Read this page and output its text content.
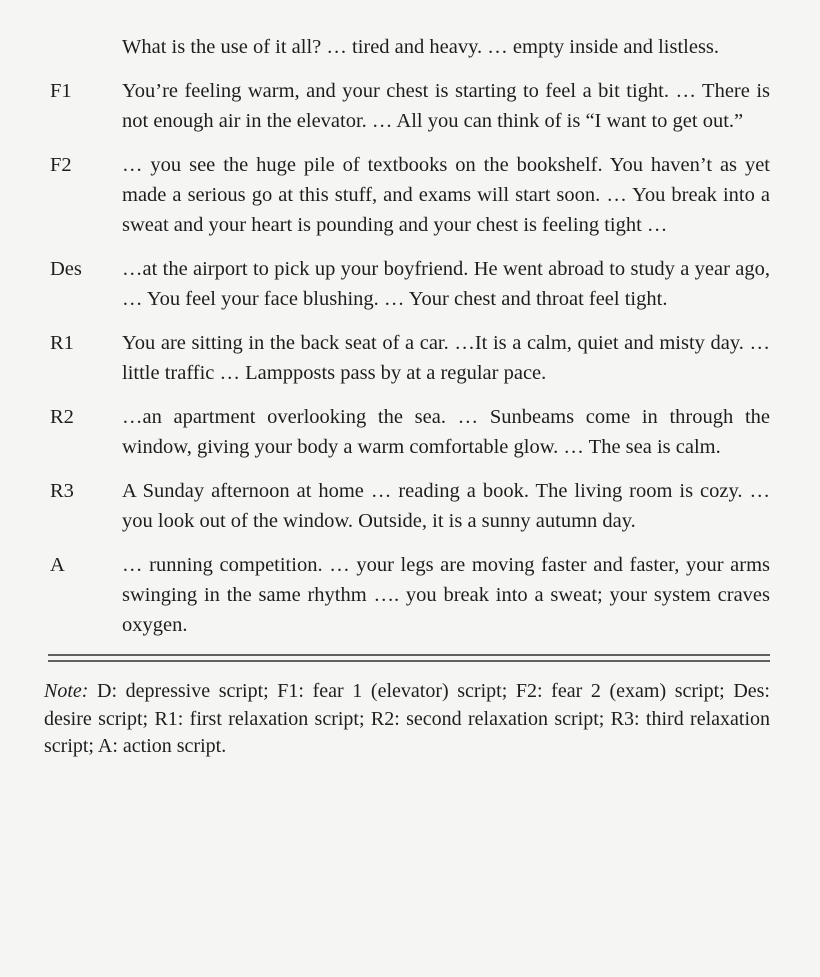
What is the use of it all? … tired and heavy. … empty inside and listless.
F1	You’re feeling warm, and your chest is starting to feel a bit tight. … There is not enough air in the elevator. … All you can think of is “I want to get out.”
F2	… you see the huge pile of textbooks on the bookshelf. You haven’t as yet made a serious go at this stuff, and exams will start soon. … You break into a sweat and your heart is pounding and your chest is feeling tight …
Des	…at the airport to pick up your boyfriend. He went abroad to study a year ago, … You feel your face blushing. … Your chest and throat feel tight.
R1	You are sitting in the back seat of a car. …It is a calm, quiet and misty day. …little traffic … Lampposts pass by at a regular pace.
R2	…an apartment overlooking the sea. … Sunbeams come in through the window, giving your body a warm comfortable glow. … The sea is calm.
R3	A Sunday afternoon at home … reading a book. The living room is cozy. … you look out of the window. Outside, it is a sunny autumn day.
A	… running competition. … your legs are moving faster and faster, your arms swinging in the same rhythm …. you break into a sweat; your system craves oxygen.
Note: D: depressive script; F1: fear 1 (elevator) script; F2: fear 2 (exam) script; Des: desire script; R1: first relaxation script; R2: second relaxation script; R3: third relaxation script; A: action script.
